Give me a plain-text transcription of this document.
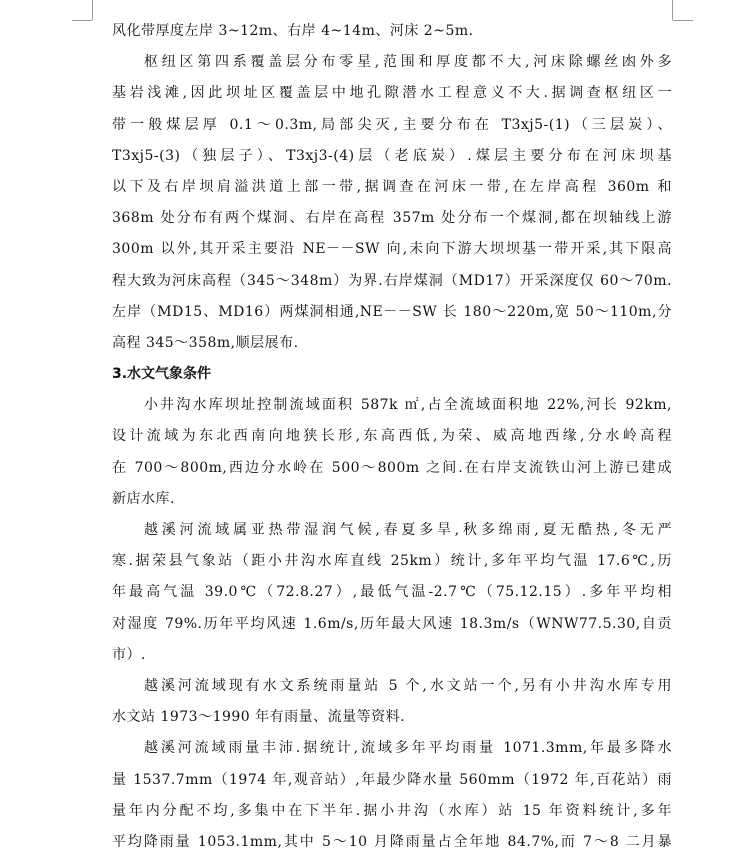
风化带厚度左岸 3~12m、右岸 4~14m、河床 2~5m.
枢纽区第四系覆盖层分布零星,范围和厚度都不大,河床除螺丝凼外多
基岩浅滩,因此坝址区覆盖层中地孔隙潜水工程意义不大.据调查枢纽区一
带一般煤层厚 0.1～0.3m,局部尖灭,主要分布在 T3xj5-(1)（三层炭）、
T3xj5-(3)（独层子）、T3xj3-(4)层（老底炭）.煤层主要分布在河床坝基
以下及右岸坝肩溢洪道上部一带,据调查在河床一带,在左岸高程 360m 和
368m 处分布有两个煤洞、右岸在高程 357m 处分布一个煤洞,都在坝轴线上游
300m 以外,其开采主要沿 NE－－SW 向,未向下游大坝坝基一带开采,其下限高
程大致为河床高程（345～348m）为界.右岸煤洞（MD17）开采深度仅 60～70m.
左岸（MD15、MD16）两煤洞相通,NE－－SW 长 180～220m,宽 50～110m,分
高程 345～358m,顺层展布.
3.水文气象条件
小井沟水库坝址控制流域面积 587k ㎡,占全流域面积地 22%,河长 92km,
设计流域为东北西南向地狭长形,东高西低,为荣、威高地西缘,分水岭高程
在 700～800m,西边分水岭在 500～800m 之间.在右岸支流铁山河上游已建成
新店水库.
越溪河流域属亚热带湿润气候,春夏多旱,秋多绵雨,夏无酷热,冬无严
寒.据荣县气象站（距小井沟水库直线 25km）统计,多年平均气温 17.6℃,历
年最高气温 39.0℃（72.8.27）,最低气温-2.7℃（75.12.15）.多年平均相
对湿度 79%.历年平均风速 1.6m/s,历年最大风速 18.3m/s（WNW77.5.30,自贡
市）.
越溪河流域现有水文系统雨量站 5 个,水文站一个,另有小井沟水库专用
水文站 1973～1990 年有雨量、流量等资料.
越溪河流域雨量丰沛.据统计,流域多年平均雨量 1071.3mm,年最多降水
量 1537.7mm（1974 年,观音站）,年最少降水量 560mm（1972 年,百花站）雨
量年内分配不均,多集中在下半年.据小井沟（水库）站 15 年资料统计,多年
平均降雨量 1053.1mm,其中 5～10 月降雨量占全年地 84.7%,而 7～8 二月暴
